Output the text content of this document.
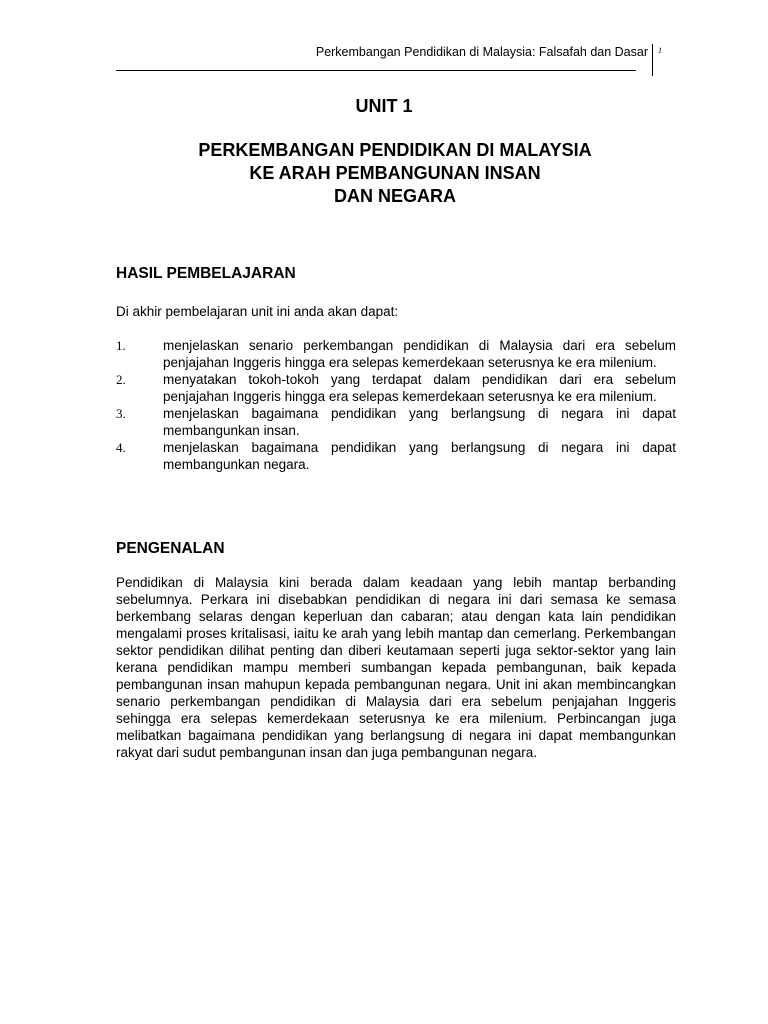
Perkembangan Pendidikan di Malaysia: Falsafah dan Dasar 1
UNIT 1
PERKEMBANGAN PENDIDIKAN DI MALAYSIA
KE ARAH PEMBANGUNAN INSAN
DAN NEGARA
HASIL PEMBELAJARAN
Di akhir pembelajaran unit ini anda akan dapat:
1.	menjelaskan senario perkembangan pendidikan di Malaysia dari era sebelum penjajahan Inggeris hingga era selepas kemerdekaan seterusnya ke era milenium.
2.	menyatakan tokoh-tokoh yang terdapat dalam pendidikan dari era sebelum penjajahan Inggeris hingga era selepas kemerdekaan seterusnya ke era milenium.
3.	menjelaskan bagaimana pendidikan yang berlangsung di negara ini dapat membangunkan insan.
4.	menjelaskan bagaimana pendidikan yang berlangsung di negara ini dapat membangunkan negara.
PENGENALAN

Pendidikan di Malaysia kini berada dalam keadaan yang lebih mantap berbanding sebelumnya. Perkara ini disebabkan pendidikan di negara ini dari semasa ke semasa berkembang selaras dengan keperluan dan cabaran; atau dengan kata lain pendidikan mengalami proses kritalisasi, iaitu ke arah yang lebih mantap dan cemerlang. Perkembangan sektor pendidikan dilihat penting dan diberi keutamaan seperti juga sektor-sektor yang lain kerana pendidikan mampu memberi sumbangan kepada pembangunan, baik kepada pembangunan insan mahupun kepada pembangunan negara. Unit ini akan membincangkan senario perkembangan pendidikan di Malaysia dari era sebelum penjajahan Inggeris sehingga era selepas kemerdekaan seterusnya ke era milenium. Perbincangan juga melibatkan bagaimana pendidikan yang berlangsung di negara ini dapat membangunkan rakyat dari sudut pembangunan insan dan juga pembangunan negara.
